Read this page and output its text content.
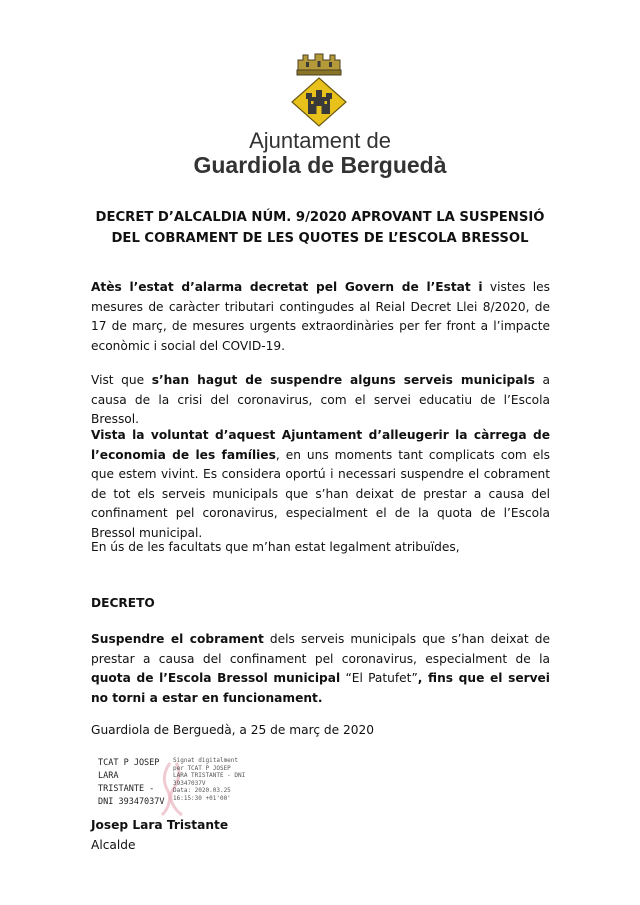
Ajuntament de
Guardiola de Berguedà
DECRET D’ALCALDIA NÚM. 9/2020 APROVANT LA SUSPENSIÓ
DEL COBRAMENT DE LES QUOTES DE L’ESCOLA BRESSOL
Atès l’estat d’alarma decretat pel Govern de l’Estat i vistes les mesures de caràcter tributari contingudes al Reial Decret Llei 8/2020, de 17 de març, de mesures urgents extraordinàries per fer front a l’impacte econòmic i social del COVID-19.
Vist que s’han hagut de suspendre alguns serveis municipals a causa de la crisi del coronavirus, com el servei educatiu de l’Escola Bressol.
Vista la voluntat d’aquest Ajuntament d’alleugerir la càrrega de l’economia de les famílies, en uns moments tant complicats com els que estem vivint. Es considera oportú i necessari suspendre el cobrament de tot els serveis municipals que s’han deixat de prestar a causa del confinament pel coronavirus, especialment el de la quota de l’Escola Bressol municipal.
En ús de les facultats que m’han estat legalment atribuïdes,
DECRETO
Suspendre el cobrament dels serveis municipals que s’han deixat de prestar a causa del confinament pel coronavirus, especialment de la quota de l’Escola Bressol municipal “El Patufet”, fins que el servei no torni a estar en funcionament.
Guardiola de Berguedà, a 25 de març de 2020
TCAT P JOSEP
LARA
TRISTANTE -
DNI 39347037V
Signat digitalment
per TCAT P JOSEP
LARA TRISTANTE - DNI
39347037V
Data: 2020.03.25
16:15:30 +01'00'
Josep Lara Tristante
Alcalde
